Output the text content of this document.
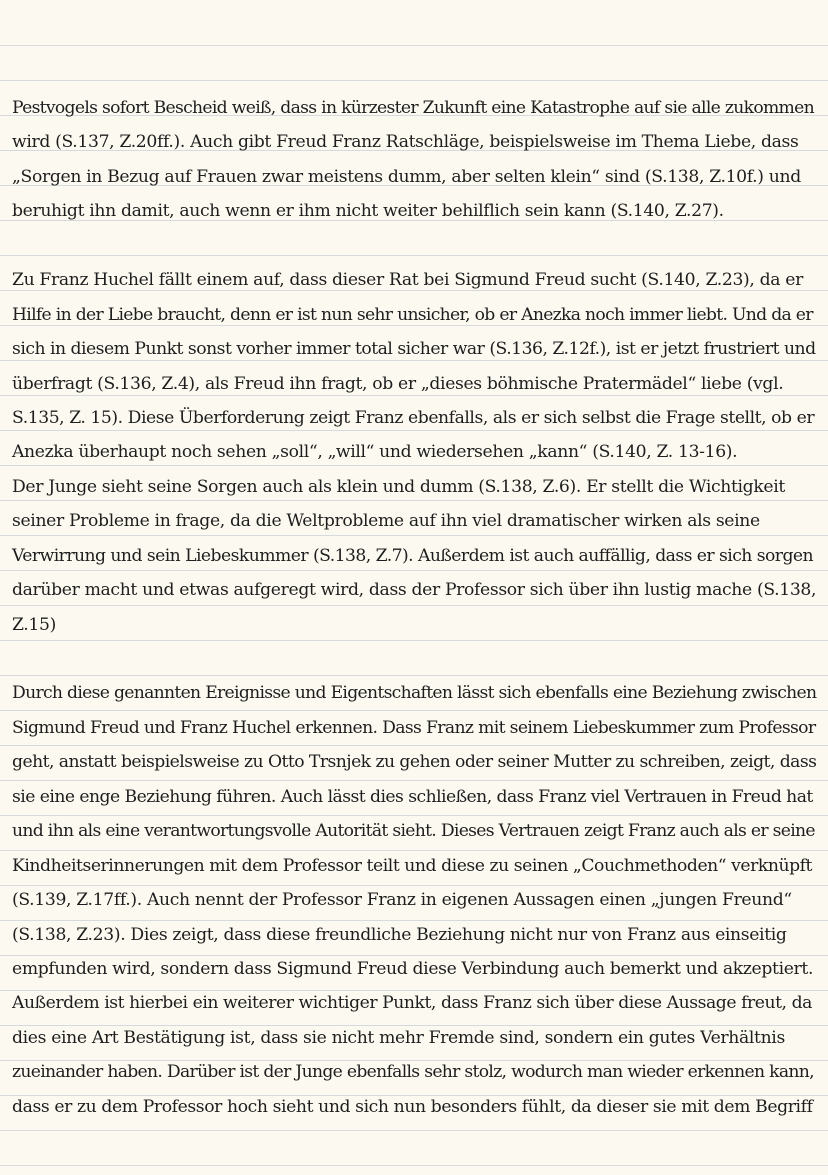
Pestvogels sofort Bescheid weiß, dass in kürzester Zukunft eine Katastrophe auf sie alle zukommen
wird (S.137, Z.20ff.). Auch gibt Freud Franz Ratschläge, beispielsweise im Thema Liebe, dass
„Sorgen in Bezug auf Frauen zwar meistens dumm, aber selten klein“ sind (S.138, Z.10f.) und
beruhigt ihn damit, auch wenn er ihm nicht weiter behilflich sein kann (S.140, Z.27).
Zu Franz Huchel fällt einem auf, dass dieser Rat bei Sigmund Freud sucht (S.140, Z.23), da er
Hilfe in der Liebe braucht, denn er ist nun sehr unsicher, ob er Anezka noch immer liebt. Und da er
sich in diesem Punkt sonst vorher immer total sicher war (S.136, Z.12f.), ist er jetzt frustriert und
überfragt (S.136, Z.4), als Freud ihn fragt, ob er „dieses böhmische Pratermädel“ liebe (vgl.
S.135, Z. 15). Diese Überforderung zeigt Franz ebenfalls, als er sich selbst die Frage stellt, ob er
Anezka überhaupt noch sehen „soll“, „will“ und wiedersehen „kann“ (S.140, Z. 13-16).
Der Junge sieht seine Sorgen auch als klein und dumm (S.138, Z.6). Er stellt die Wichtigkeit
seiner Probleme in frage, da die Weltprobleme auf ihn viel dramatischer wirken als seine
Verwirrung und sein Liebeskummer (S.138, Z.7). Außerdem ist auch auffällig, dass er sich sorgen
darüber macht und etwas aufgeregt wird, dass der Professor sich über ihn lustig mache (S.138,
Z.15)
Durch diese genannten Ereignisse und Eigentschaften lässt sich ebenfalls eine Beziehung zwischen
Sigmund Freud und Franz Huchel erkennen. Dass Franz mit seinem Liebeskummer zum Professor
geht, anstatt beispielsweise zu Otto Trsnjek zu gehen oder seiner Mutter zu schreiben, zeigt, dass
sie eine enge Beziehung führen. Auch lässt dies schließen, dass Franz viel Vertrauen in Freud hat
und ihn als eine verantwortungsvolle Autorität sieht. Dieses Vertrauen zeigt Franz auch als er seine
Kindheitserinnerungen mit dem Professor teilt und diese zu seinen „Couchmethoden“ verknüpft
(S.139, Z.17ff.). Auch nennt der Professor Franz in eigenen Aussagen einen „jungen Freund“
(S.138, Z.23). Dies zeigt, dass diese freundliche Beziehung nicht nur von Franz aus einseitig
empfunden wird, sondern dass Sigmund Freud diese Verbindung auch bemerkt und akzeptiert.
Außerdem ist hierbei ein weiterer wichtiger Punkt, dass Franz sich über diese Aussage freut, da
dies eine Art Bestätigung ist, dass sie nicht mehr Fremde sind, sondern ein gutes Verhältnis
zueinander haben. Darüber ist der Junge ebenfalls sehr stolz, wodurch man wieder erkennen kann,
dass er zu dem Professor hoch sieht und sich nun besonders fühlt, da dieser sie mit dem Begriff
